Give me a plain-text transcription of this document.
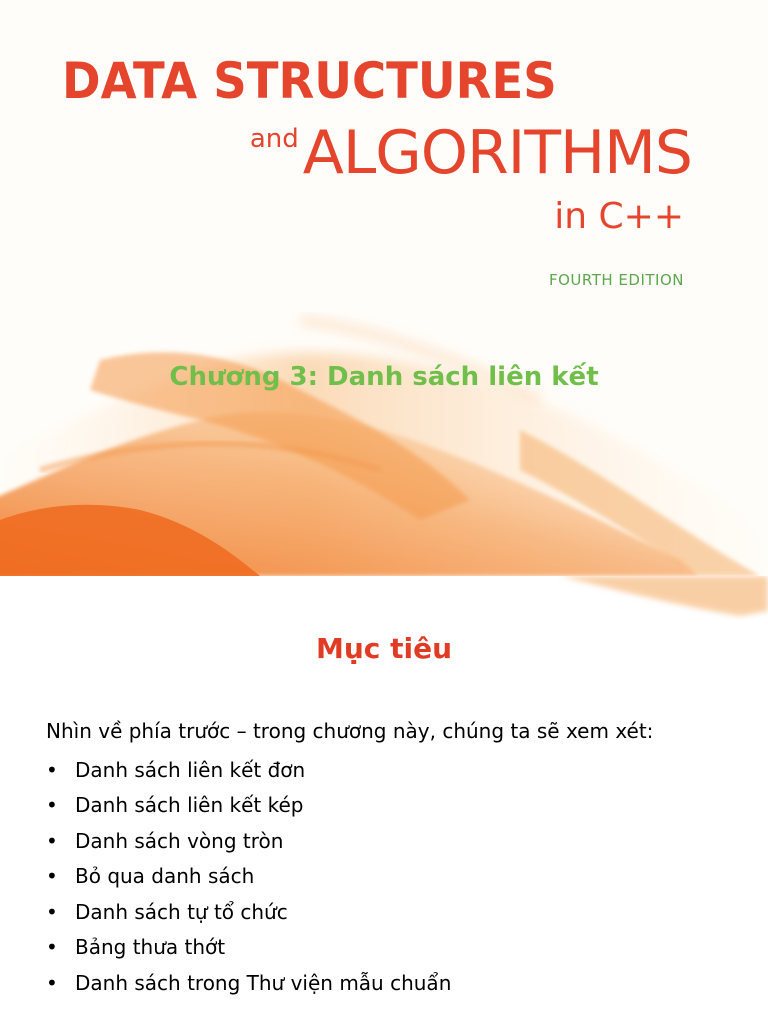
DATA STRUCTURES
andALGORITHMS
in C++
FOURTH EDITION
Chương 3: Danh sách liên kết
Mục tiêu
Nhìn về phía trước – trong chương này, chúng ta sẽ xem xét:
• Danh sách liên kết đơn
• Danh sách liên kết kép
• Danh sách vòng tròn
• Bỏ qua danh sách
• Danh sách tự tổ chức
• Bảng thưa thớt
• Danh sách trong Thư viện mẫu chuẩn
